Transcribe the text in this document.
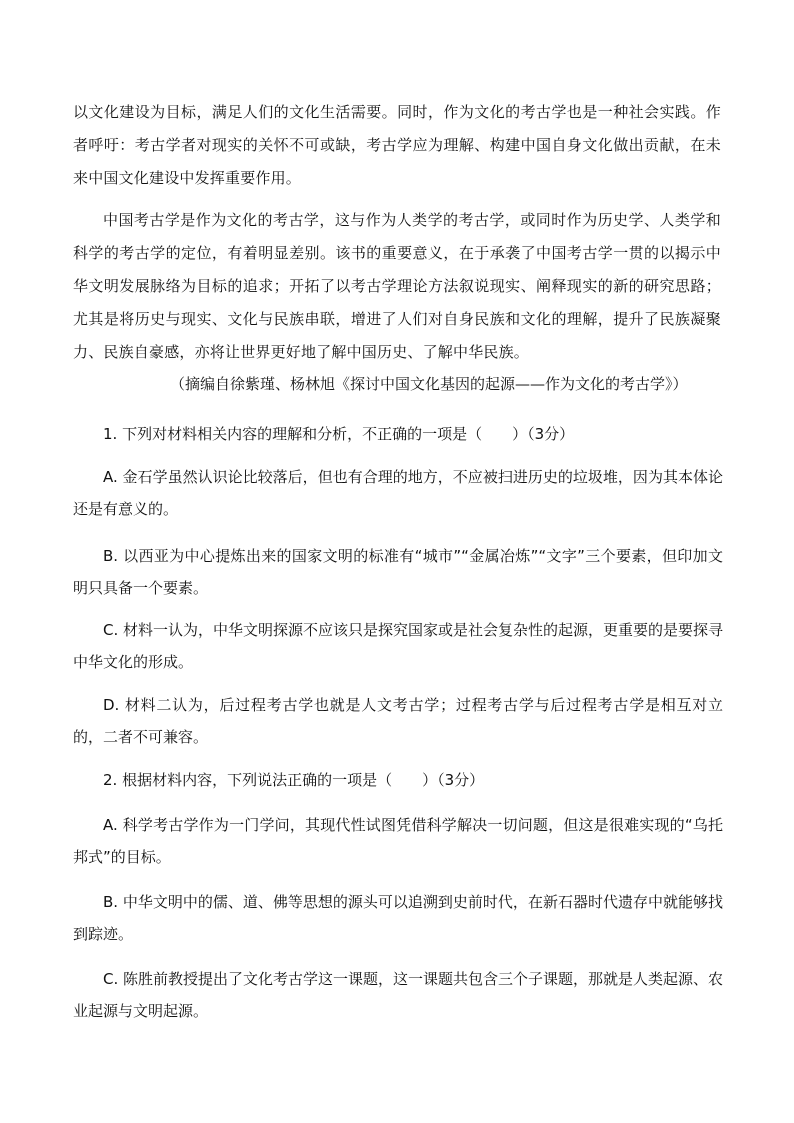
以文化建设为目标，满足人们的文化生活需要。同时，作为文化的考古学也是一种社会实践。作者呼吁：考古学者对现实的关怀不可或缺，考古学应为理解、构建中国自身文化做出贡献，在未来中国文化建设中发挥重要作用。
中国考古学是作为文化的考古学，这与作为人类学的考古学，或同时作为历史学、人类学和科学的考古学的定位，有着明显差别。该书的重要意义，在于承袭了中国考古学一贯的以揭示中华文明发展脉络为目标的追求；开拓了以考古学理论方法叙说现实、阐释现实的新的研究思路；尤其是将历史与现实、文化与民族串联，增进了人们对自身民族和文化的理解，提升了民族凝聚力、民族自豪感，亦将让世界更好地了解中国历史、了解中华民族。
（摘编自徐紫瑾、杨林旭《探讨中国文化基因的起源——作为文化的考古学》）
1. 下列对材料相关内容的理解和分析，不正确的一项是（　　）（3分）
A. 金石学虽然认识论比较落后，但也有合理的地方，不应被扫进历史的垃圾堆，因为其本体论还是有意义的。
B. 以西亚为中心提炼出来的国家文明的标准有“城市”“金属冶炼”“文字”三个要素，但印加文明只具备一个要素。
C. 材料一认为，中华文明探源不应该只是探究国家或是社会复杂性的起源，更重要的是要探寻中华文化的形成。
D. 材料二认为，后过程考古学也就是人文考古学；过程考古学与后过程考古学是相互对立的，二者不可兼容。
2. 根据材料内容，下列说法正确的一项是（　　）（3分）
A. 科学考古学作为一门学问，其现代性试图凭借科学解决一切问题，但这是很难实现的“乌托邦式”的目标。
B. 中华文明中的儒、道、佛等思想的源头可以追溯到史前时代，在新石器时代遗存中就能够找到踪迹。
C. 陈胜前教授提出了文化考古学这一课题，这一课题共包含三个子课题，那就是人类起源、农业起源与文明起源。
